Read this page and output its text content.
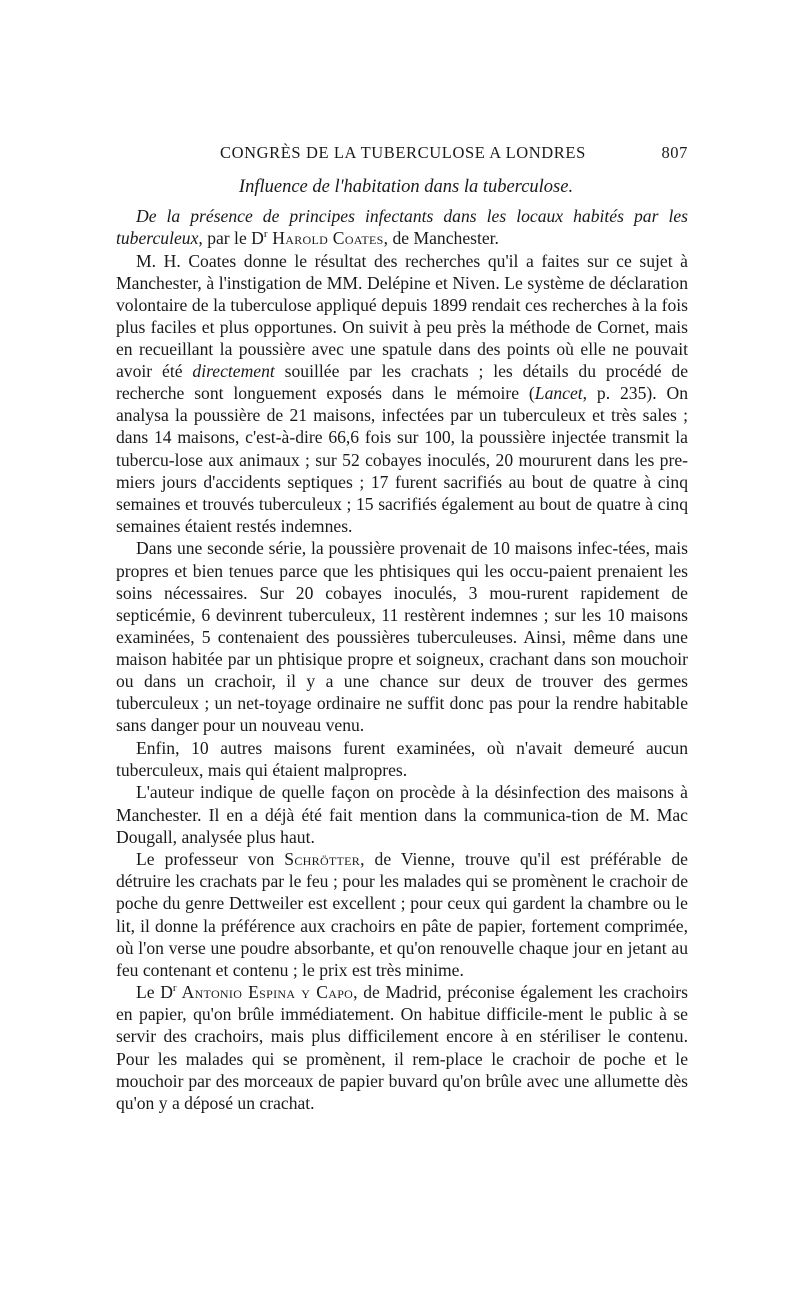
CONGRÈS DE LA TUBERCULOSE A LONDRES	807
Influence de l'habitation dans la tuberculose.

De la présence de principes infectants dans les locaux habités par les tuberculeux, par le $D^r$ Harold Coates, de Manchester.

M. H. Coates donne le résultat des recherches qu'il a faites sur ce sujet à Manchester, à l'instigation de MM. Delépine et Niven. Le système de déclaration volontaire de la tuberculose appliqué depuis 1899 rendait ces recherches à la fois plus faciles et plus opportunes. On suivit à peu près la méthode de Cornet, mais en recueillant la poussière avec une spatule dans des points où elle ne pouvait avoir été directement souillée par les crachats ; les détails du procédé de recherche sont longuement exposés dans le mémoire (Lancet, p. 235). On analysa la poussière de 21 maisons, infectées par un tuberculeux et très sales ; dans 14 maisons, c'est-à-dire 66,6 fois sur 100, la poussière injectée transmit la tubercu-lose aux animaux ; sur 52 cobayes inoculés, 20 moururent dans les pre-miers jours d'accidents septiques ; 17 furent sacrifiés au bout de quatre à cinq semaines et trouvés tuberculeux ; 15 sacrifiés également au bout de quatre à cinq semaines étaient restés indemnes.

Dans une seconde série, la poussière provenait de 10 maisons infec-tées, mais propres et bien tenues parce que les phtisiques qui les occu-paient prenaient les soins nécessaires. Sur 20 cobayes inoculés, 3 mou-rurent rapidement de septicémie, 6 devinrent tuberculeux, 11 restèrent indemnes ; sur les 10 maisons examinées, 5 contenaient des poussières tuberculeuses. Ainsi, même dans une maison habitée par un phtisique propre et soigneux, crachant dans son mouchoir ou dans un crachoir, il y a une chance sur deux de trouver des germes tuberculeux ; un net-toyage ordinaire ne suffit donc pas pour la rendre habitable sans danger pour un nouveau venu.

Enfin, 10 autres maisons furent examinées, où n'avait demeuré aucun tuberculeux, mais qui étaient malpropres.

L'auteur indique de quelle façon on procède à la désinfection des maisons à Manchester. Il en a déjà été fait mention dans la communica-tion de M. Mac Dougall, analysée plus haut.

Le professeur von Schrötter, de Vienne, trouve qu'il est préférable de détruire les crachats par le feu ; pour les malades qui se promènent le crachoir de poche du genre Dettweiler est excellent ; pour ceux qui gardent la chambre ou le lit, il donne la préférence aux crachoirs en pâte de papier, fortement comprimée, où l'on verse une poudre absorbante, et qu'on renouvelle chaque jour en jetant au feu contenant et contenu ; le prix est très minime.

Le $D^r$ Antonio Espina y Capo, de Madrid, préconise également les crachoirs en papier, qu'on brûle immédiatement. On habitue difficile-ment le public à se servir des crachoirs, mais plus difficilement encore à en stériliser le contenu. Pour les malades qui se promènent, il rem-place le crachoir de poche et le mouchoir par des morceaux de papier buvard qu'on brûle avec une allumette dès qu'on y a déposé un crachat.
